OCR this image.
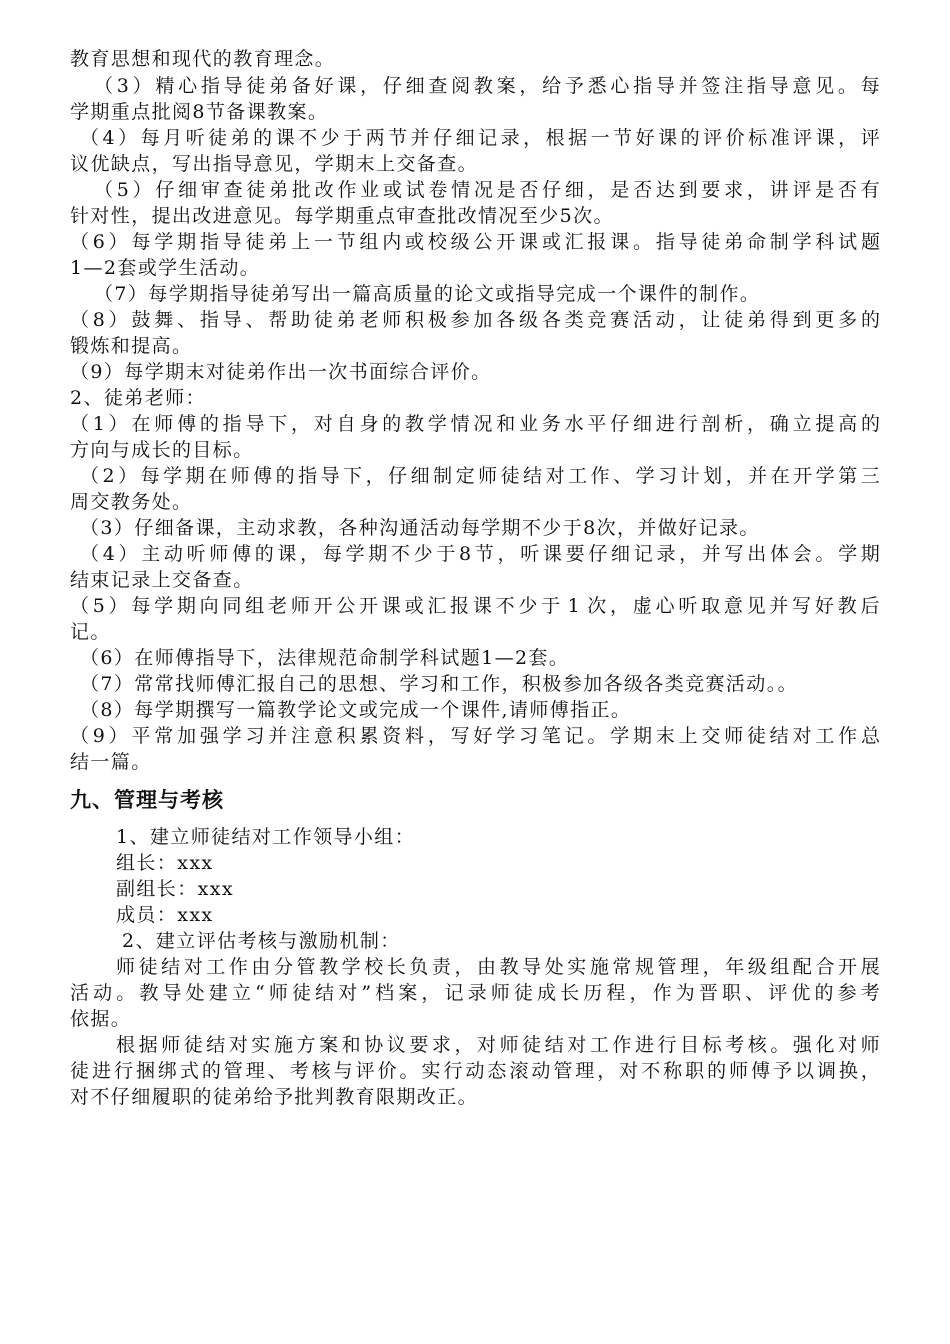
教育思想和现代的教育理念。
（ 3 ） 精 心 指 导 徒 弟 备 好 课 ， 仔 细 查 阅 教 案 ， 给 予 悉 心 指 导 并 签 注 指 导 意 见 。 每
学期重点批阅8节备课教案。
（ 4 ） 每 月 听 徒 弟 的 课 不 少 于 两 节 并 仔 细 记 录 ， 根 据 一 节 好 课 的 评 价 标 准 评 课 ， 评
议优缺点，写出指导意见，学期末上交备查。
（ 5 ） 仔 细 审 查 徒 弟 批 改 作 业 或 试 卷 情 况 是 否 仔 细 ， 是 否 达 到 要 求 ， 讲 评 是 否 有
针对性，提出改进意见。每学期重点审查批改情况至少5次。
（ 6 ） 每 学 期 指 导 徒 弟 上 一 节 组 内 或 校 级 公 开 课 或 汇 报 课 。 指 导 徒 弟 命 制 学 科 试 题
1—2套或学生活动。
（7）每学期指导徒弟写出一篇高质量的论文或指导完成一个课件的制作。
（ 8 ） 鼓 舞 、 指 导 、 帮 助 徒 弟 老 师 积 极 参 加 各 级 各 类 竞 赛 活 动 ， 让 徒 弟 得 到 更 多 的
锻炼和提高。
（9）每学期末对徒弟作出一次书面综合评价。
2、徒弟老师：
（ 1 ） 在 师 傅 的 指 导 下 ， 对 自 身 的 教 学 情 况 和 业 务 水 平 仔 细 进 行 剖 析 ， 确 立 提 高 的
方向与成长的目标。
（ 2 ） 每 学 期 在 师 傅 的 指 导 下 ， 仔 细 制 定 师 徒 结 对 工 作 、 学 习 计 划 ， 并 在 开 学 第 三
周交教务处。
（3）仔细备课，主动求教，各种沟通活动每学期不少于8次，并做好记录。
（ 4 ） 主 动 听 师 傅 的 课 ， 每 学 期 不 少 于 8 节 ， 听 课 要 仔 细 记 录 ， 并 写 出 体 会 。 学 期
结束记录上交备查。
（ 5 ） 每 学 期 向 同 组 老 师 开 公 开 课 或 汇 报 课 不 少 于 1 次 ， 虚 心 听 取 意 见 并 写 好 教 后
记。
（6）在师傅指导下，法律规范命制学科试题1—2套。
（7）常常找师傅汇报自己的思想、学习和工作，积极参加各级各类竞赛活动。。
（8）每学期撰写一篇教学论文或完成一个课件,请师傅指正。
（ 9 ） 平 常 加 强 学 习 并 注 意 积 累 资 料 ， 写 好 学 习 笔 记 。 学 期 末 上 交 师 徒 结 对 工 作 总
结一篇。
九、管理与考核
1、建立师徒结对工作领导小组：
组长：xxx
副组长：xxx
成员：xxx
2、建立评估考核与激励机制：
师 徒 结 对 工 作 由 分 管 教 学 校 长 负 责 ， 由 教 导 处 实 施 常 规 管 理 ， 年 级 组 配 合 开 展
活 动 。 教 导 处 建 立 “ 师 徒 结 对 ” 档 案 ， 记 录 师 徒 成 长 历 程 ， 作 为 晋 职 、 评 优 的 参 考
依据。
根 据 师 徒 结 对 实 施 方 案 和 协 议 要 求 ， 对 师 徒 结 对 工 作 进 行 目 标 考 核 。 强 化 对 师
徒 进 行 捆 绑 式 的 管 理 、 考 核 与 评 价 。 实 行 动 态 滚 动 管 理 ， 对 不 称 职 的 师 傅 予 以 调 换 ，
对不仔细履职的徒弟给予批判教育限期改正。
